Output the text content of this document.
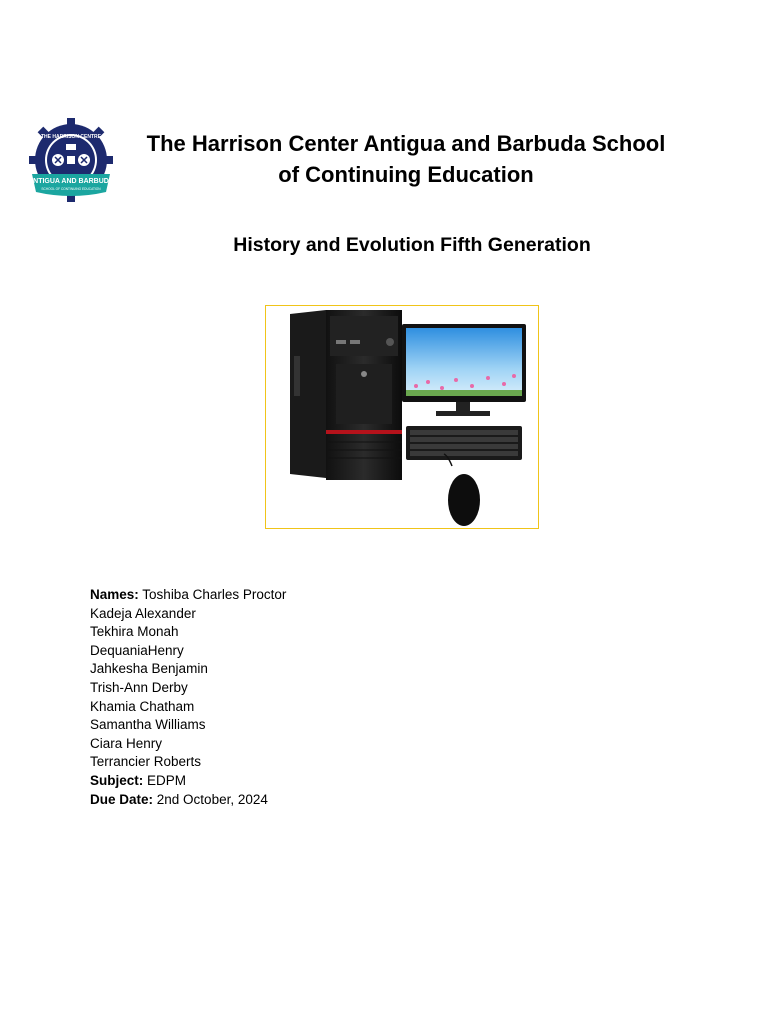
ANTIGUA AND BARBUDA
SCHOOL OF CONTINUING EDUCATION
THE HARRISON CENTRE	The Harrison Center Antigua and Barbuda School
of Continuing Education
History and Evolution Fifth Generation
Names: Toshiba Charles Proctor
Kadeja Alexander
Tekhira Monah
DequaniaHenry
Jahkesha Benjamin
Trish-Ann Derby
Khamia Chatham
Samantha Williams
Ciara Henry
Terrancier Roberts
Subject: EDPM
Due Date: 2nd October, 2024
